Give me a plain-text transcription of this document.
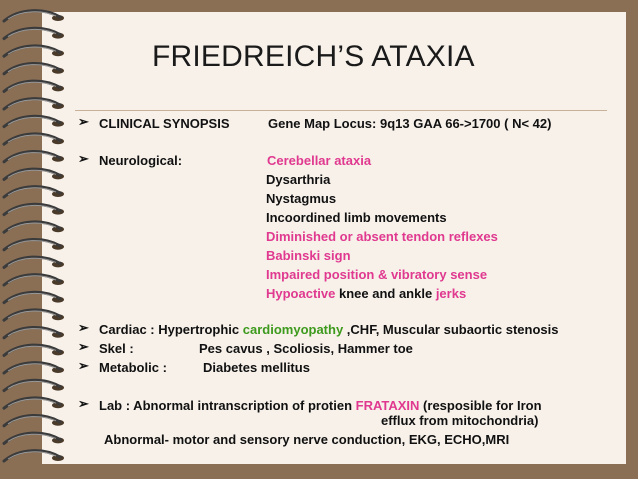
FRIEDREICH’S ATAXIA
➢ CLINICAL SYNOPSIS	Gene Map Locus: 9q13 GAA 66->1700 ( N< 42)
➢ Neurological:	Cerebellar ataxia
Dysarthria
Nystagmus
Incoordined limb movements
Diminished or absent tendon reflexes
Babinski sign
Impaired position & vibratory sense
Hypoactive knee and ankle jerks
➢ Cardiac : Hypertrophic cardiomyopathy ,CHF, Muscular subaortic stenosis
➢ Skel :	Pes cavus , Scoliosis, Hammer toe
➢ Metabolic :	Diabetes mellitus
➢ Lab : Abnormal intranscription of protien FRATAXIN (resposible for Iron
efflux from mitochondria)
Abnormal- motor and sensory nerve conduction, EKG, ECHO,MRI
